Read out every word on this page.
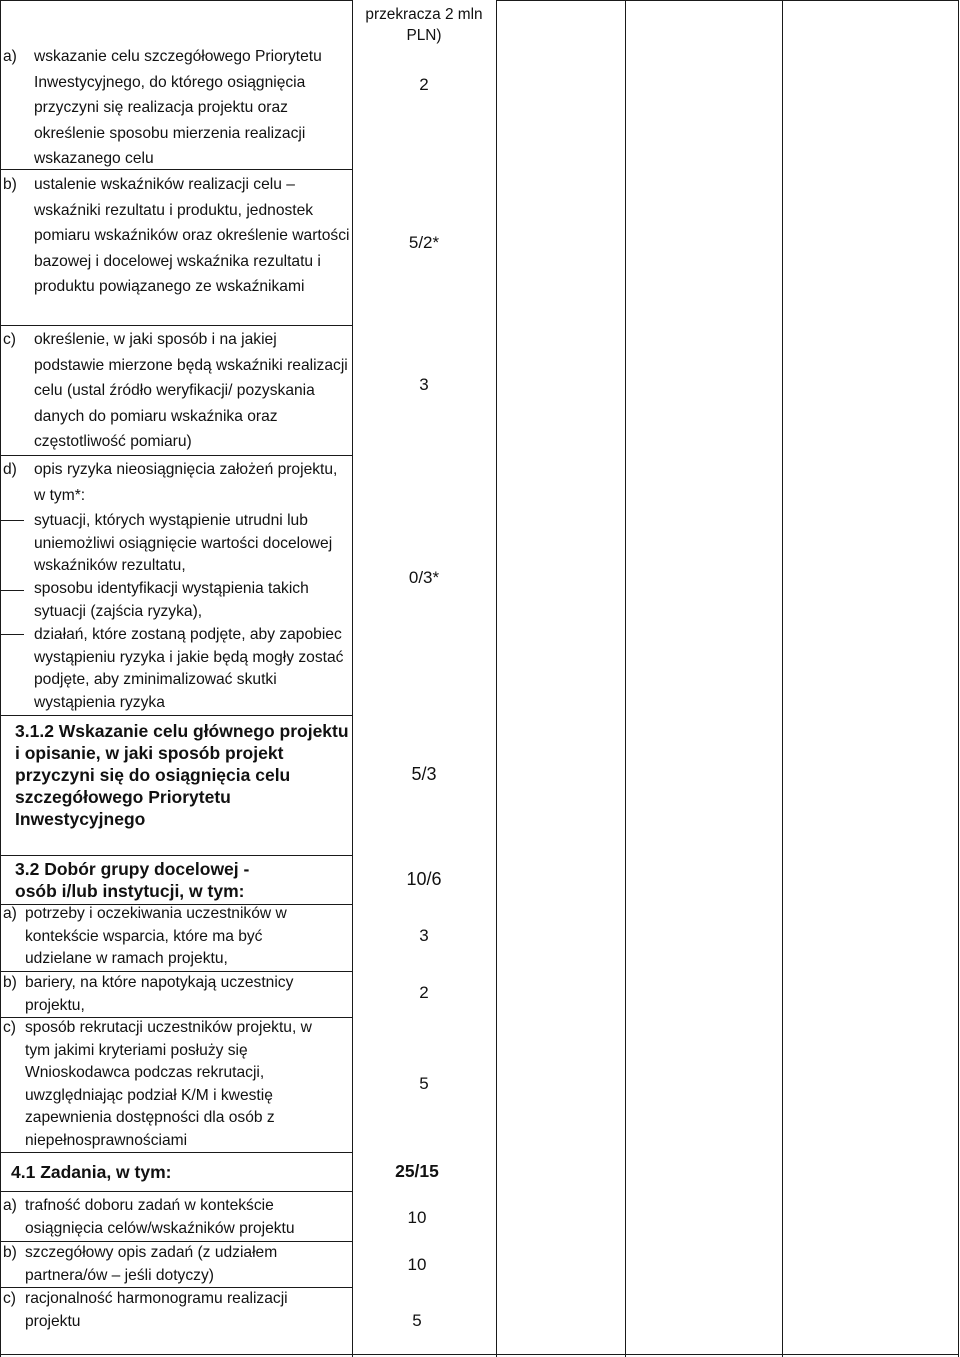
przekracza 2 mln PLN)
a) wskazanie celu szczegółowego Priorytetu Inwestycyjnego, do którego osiągnięcia przyczyni się realizacja projektu oraz określenie sposobu mierzenia realizacji wskazanego celu
2
b) ustalenie wskaźników realizacji celu – wskaźniki rezultatu i produktu, jednostek pomiaru wskaźników oraz określenie wartości bazowej i docelowej wskaźnika rezultatu i produktu powiązanego ze wskaźnikami
5/2*
c) określenie, w jaki sposób i na jakiej podstawie mierzone będą wskaźniki realizacji celu (ustal źródło weryfikacji/ pozyskania danych do pomiaru wskaźnika oraz częstotliwość pomiaru)
3
d) opis ryzyka nieosiągnięcia założeń projektu, w tym*:
sytuacji, których wystąpienie utrudni lub uniemożliwi osiągnięcie wartości docelowej wskaźników rezultatu,
sposobu identyfikacji wystąpienia takich sytuacji (zajścia ryzyka),
działań, które zostaną podjęte, aby zapobiec wystąpieniu ryzyka i jakie będą mogły zostać podjęte, aby zminimalizować skutki wystąpienia ryzyka
0/3*
3.1.2 Wskazanie celu głównego projektu i opisanie, w jaki sposób projekt przyczyni się do osiągnięcia celu szczegółowego Priorytetu Inwestycyjnego
5/3
3.2 Dobór grupy docelowej - osób i/lub instytucji, w tym:
10/6
a) potrzeby i oczekiwania uczestników w kontekście wsparcia, które ma być udzielane w ramach projektu,
3
b) bariery, na które napotykają uczestnicy projektu,
2
c) sposób rekrutacji uczestników projektu, w tym jakimi kryteriami posłuży się Wnioskodawca podczas rekrutacji, uwzględniając podział K/M i kwestię zapewnienia dostępności dla osób z niepełnosprawnościami
5
4.1 Zadania, w tym:	25/15
a) trafność doboru zadań w kontekście osiągnięcia celów/wskaźników projektu
10
b) szczegółowy opis zadań (z udziałem partnera/ów – jeśli dotyczy)
10
c) racjonalność harmonogramu realizacji projektu	5
